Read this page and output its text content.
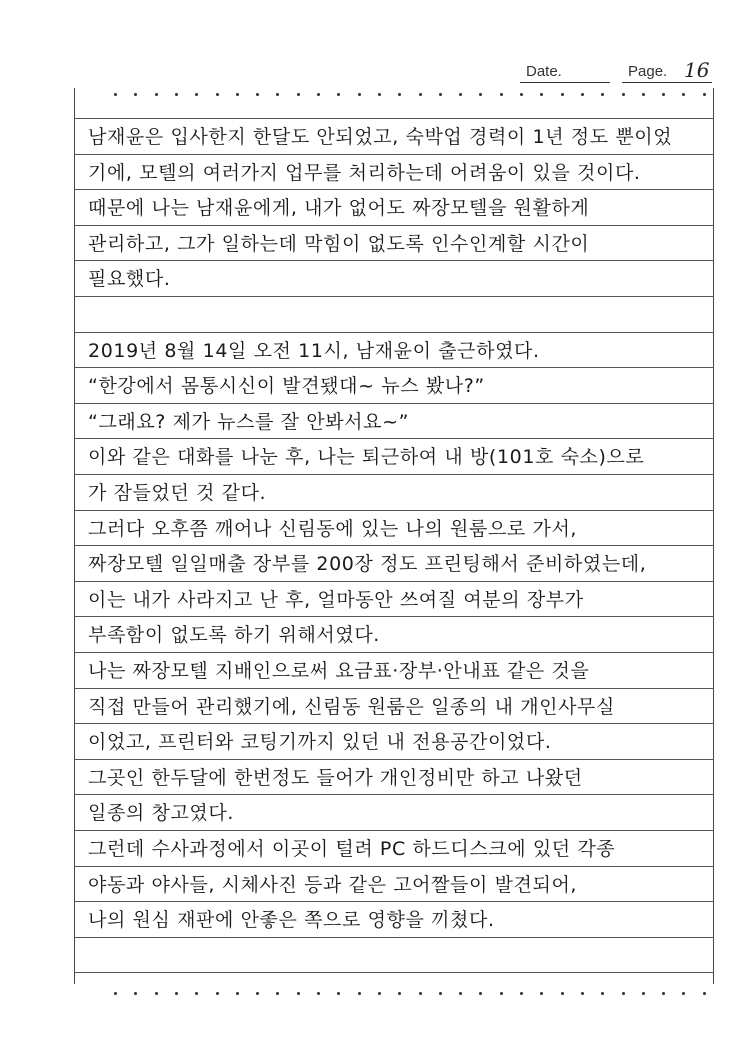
Date.	Page. 16
남재윤은 입사한지 한달도 안되었고, 숙박업 경력이 1년 정도 뿐이었
기에, 모텔의 여러가지 업무를 처리하는데 어려움이 있을 것이다.
때문에 나는 남재윤에게, 내가 없어도 짜장모텔을 원활하게
관리하고, 그가 일하는데 막힘이 없도록 인수인계할 시간이
필요했다.
2019년 8월 14일 오전 11시, 남재윤이 출근하였다.
“한강에서 몸통시신이 발견됐대~ 뉴스 봤나?”
“그래요? 제가 뉴스를 잘 안봐서요~”
이와 같은 대화를 나눈 후, 나는 퇴근하여 내 방(101호 숙소)으로
가 잠들었던 것 같다.
그러다 오후쯤 깨어나 신림동에 있는 나의 원룸으로 가서,
짜장모텔 일일매출 장부를 200장 정도 프린팅해서 준비하였는데,
이는 내가 사라지고 난 후, 얼마동안 쓰여질 여분의 장부가
부족함이 없도록 하기 위해서였다.
나는 짜장모텔 지배인으로써 요금표·장부·안내표 같은 것을
직접 만들어 관리했기에, 신림동 원룸은 일종의 내 개인사무실
이었고, 프린터와 코팅기까지 있던 내 전용공간이었다.
그곳인 한두달에 한번정도 들어가 개인정비만 하고 나왔던
일종의 창고였다.
그런데 수사과정에서 이곳이 털려 PC 하드디스크에 있던 각종
야동과 야사들, 시체사진 등과 같은 고어짤들이 발견되어,
나의 원심 재판에 안좋은 쪽으로 영향을 끼쳤다.
